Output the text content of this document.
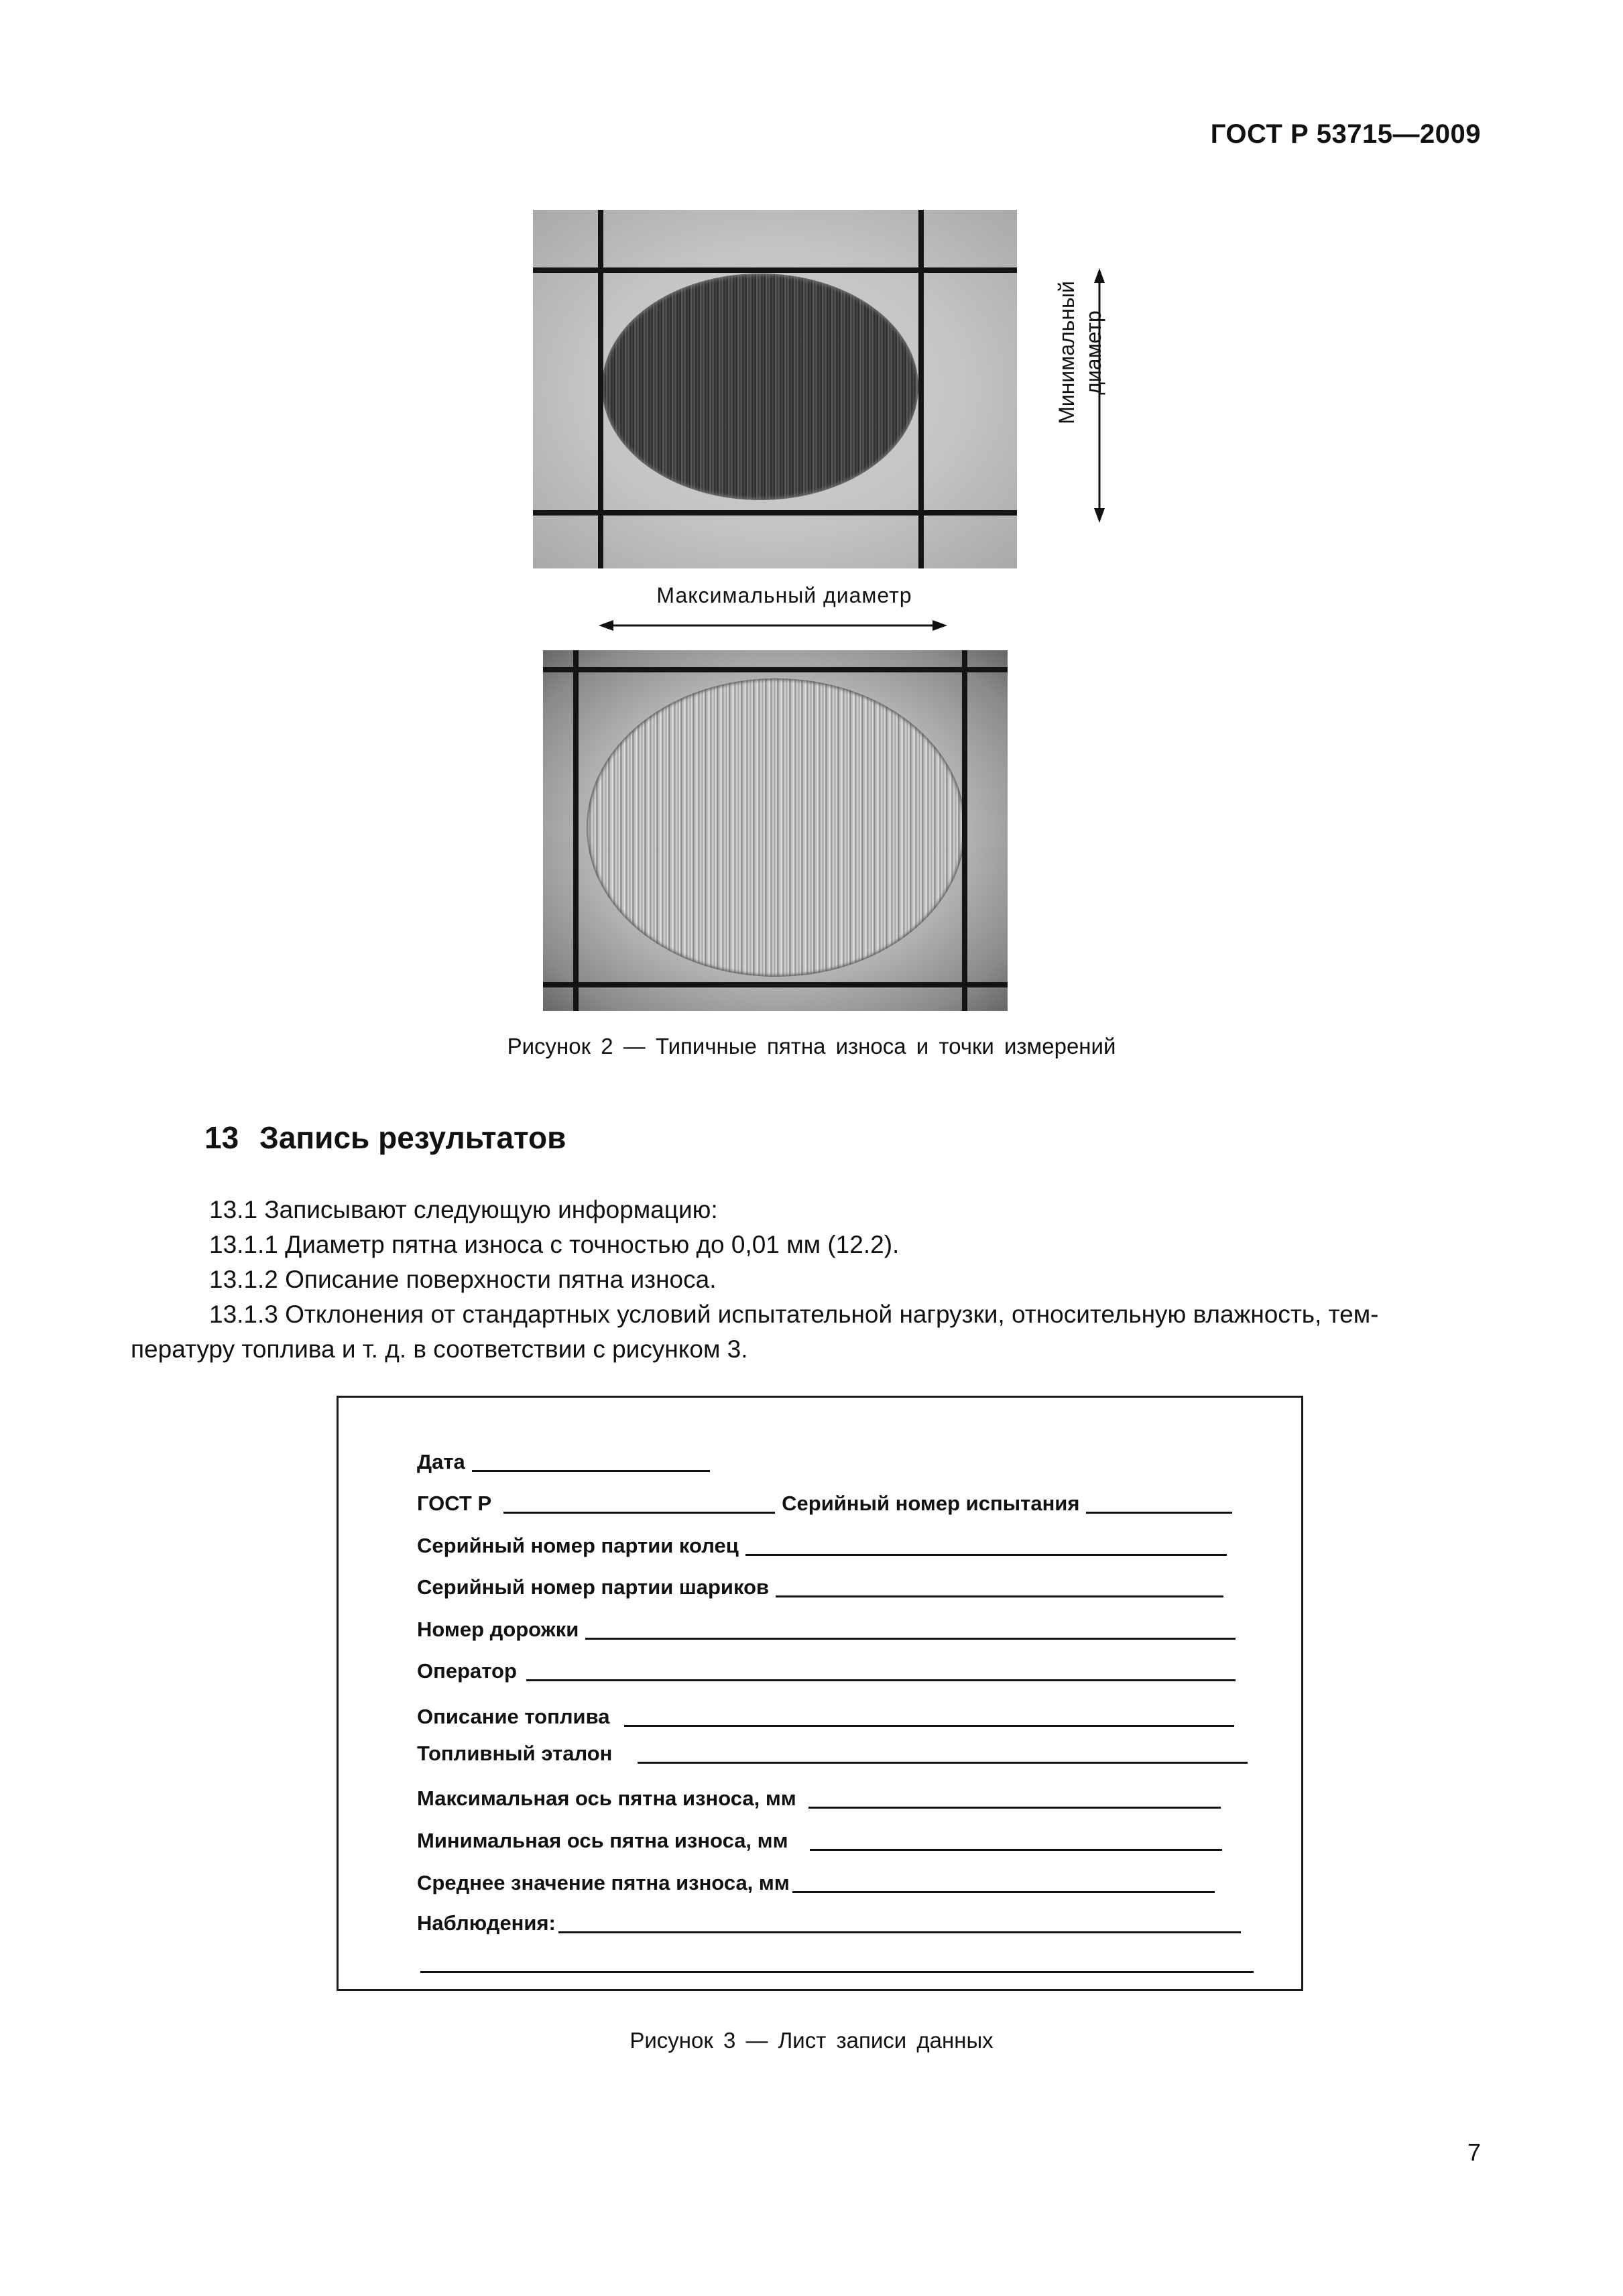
ГОСТ Р 53715—2009
Минимальный диаметр
Максимальный диаметр
Рисунок 2 — Типичные пятна износа и точки измерений
13 Запись результатов
13.1 Записывают следующую информацию:
13.1.1 Диаметр пятна износа с точностью до 0,01 мм (12.2).
13.1.2 Описание поверхности пятна износа.
13.1.3 Отклонения от стандартных условий испытательной нагрузки, относительную влажность, тем-
пературу топлива и т. д. в соответствии с рисунком 3.
Дата
ГОСТ Р	Серийный номер испытания
Серийный номер партии колец
Серийный номер партии шариков
Номер дорожки
Оператор
Описание топлива
Топливный эталон
Максимальная ось пятна износа, мм
Минимальная ось пятна износа, мм
Среднее значение пятна износа, мм
Наблюдения:
Рисунок 3 — Лист записи данных
7
